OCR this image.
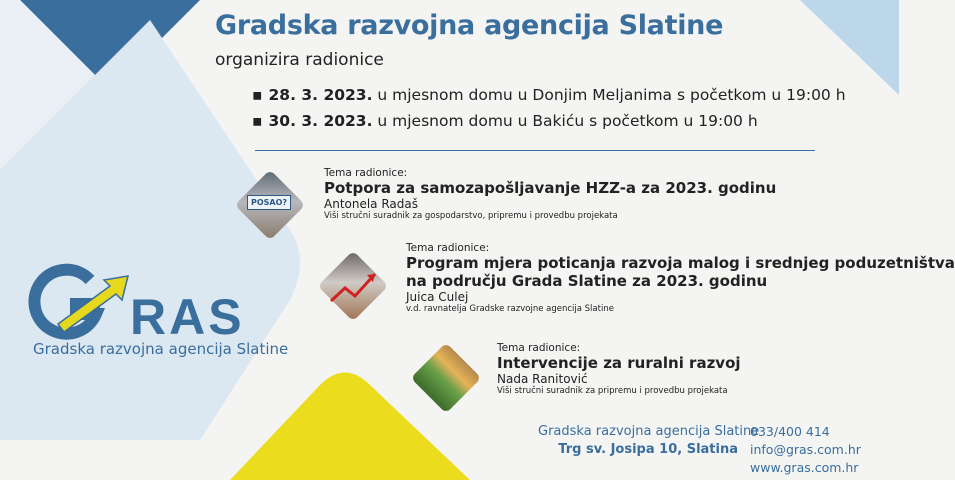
Gradska razvojna agencija Slatine
organizira radionice
▪ 28. 3. 2023. u mjesnom domu u Donjim Meljanima s početkom u 19:00 h
▪ 30. 3. 2023. u mjesnom domu u Bakiću s početkom u 19:00 h
POSAO?
Tema radionice:
Potpora za samozapošljavanje HZZ-a za 2023. godinu
Antonela Radaš
Viši stručni suradnik za gospodarstvo, pripremu i provedbu projekata
Tema radionice:
Program mjera poticanja razvoja malog i srednjeg poduzetništva
na području Grada Slatine za 2023. godinu
Juica Culej
v.d. ravnatelja Gradske razvojne agencija Slatine
Tema radionice:
Intervencije za ruralni razvoj
Nada Ranitović
Viši stručni suradnik za pripremu i provedbu projekata
RAS
Gradska razvojna agencija Slatine
Gradska razvojna agencija Slatine
Trg sv. Josipa 10, Slatina
033/400 414
info@gras.com.hr
www.gras.com.hr
